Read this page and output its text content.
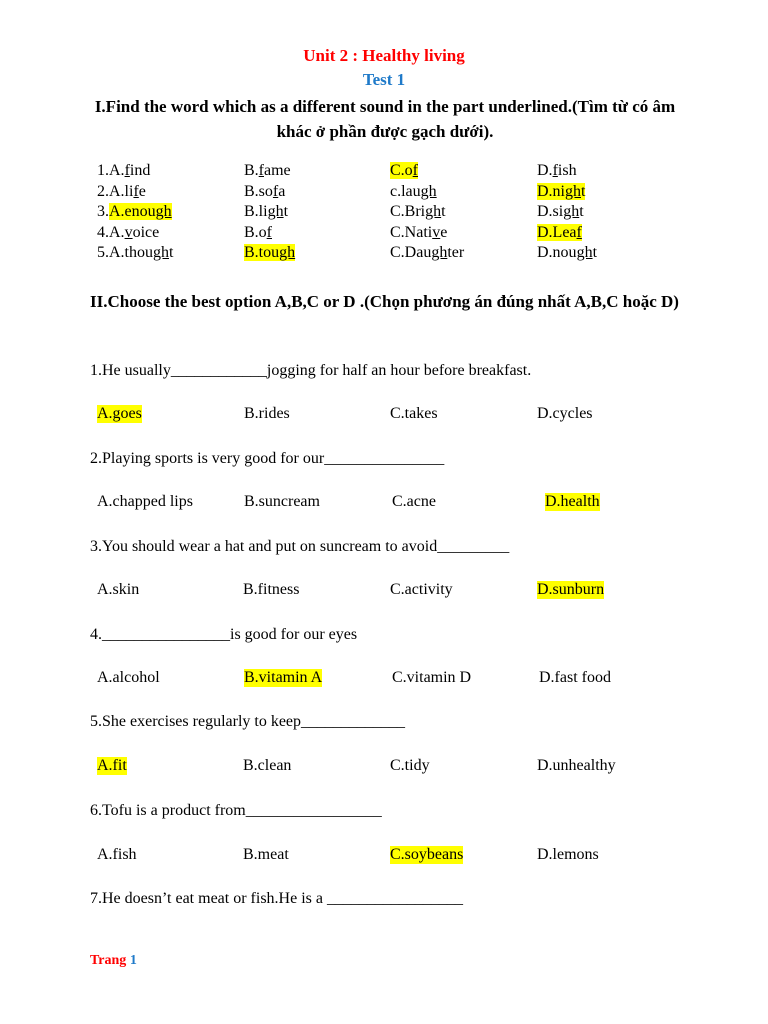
Unit 2 : Healthy living
Test 1
I.Find the word which as a different sound in the part underlined.(Tìm từ có âm khác ở phần được gạch dưới).
1.A.find	B.fame	C.of	D.fish
2.A.life	B.sofa	c.laugh	D.night
3.A.enough	B.light	C.Bright	D.sight
4.A.voice	B.of	C.Native	D.Leaf
5.A.thought	B.tough	C.Daughter	D.nought
II.Choose the best option A,B,C or D .(Chọn phương án đúng nhất A,B,C hoặc D)
1.He usually____________jogging for half an hour before breakfast.
A.goes	B.rides	C.takes	D.cycles
2.Playing sports is very good for our_______________
A.chapped lips	B.suncream	C.acne	D.health
3.You should wear a hat and put on suncream to avoid_________
A.skin	B.fitness	C.activity	D.sunburn
4.________________is good for our eyes
A.alcohol	B.vitamin A	C.vitamin D	D.fast food
5.She exercises regularly to keep_____________
A.fit	B.clean	C.tidy	D.unhealthy
6.Tofu is a product from_________________
A.fish	B.meat	C.soybeans	D.lemons
7.He doesn’t eat meat or fish.He is a _________________
Trang 1
